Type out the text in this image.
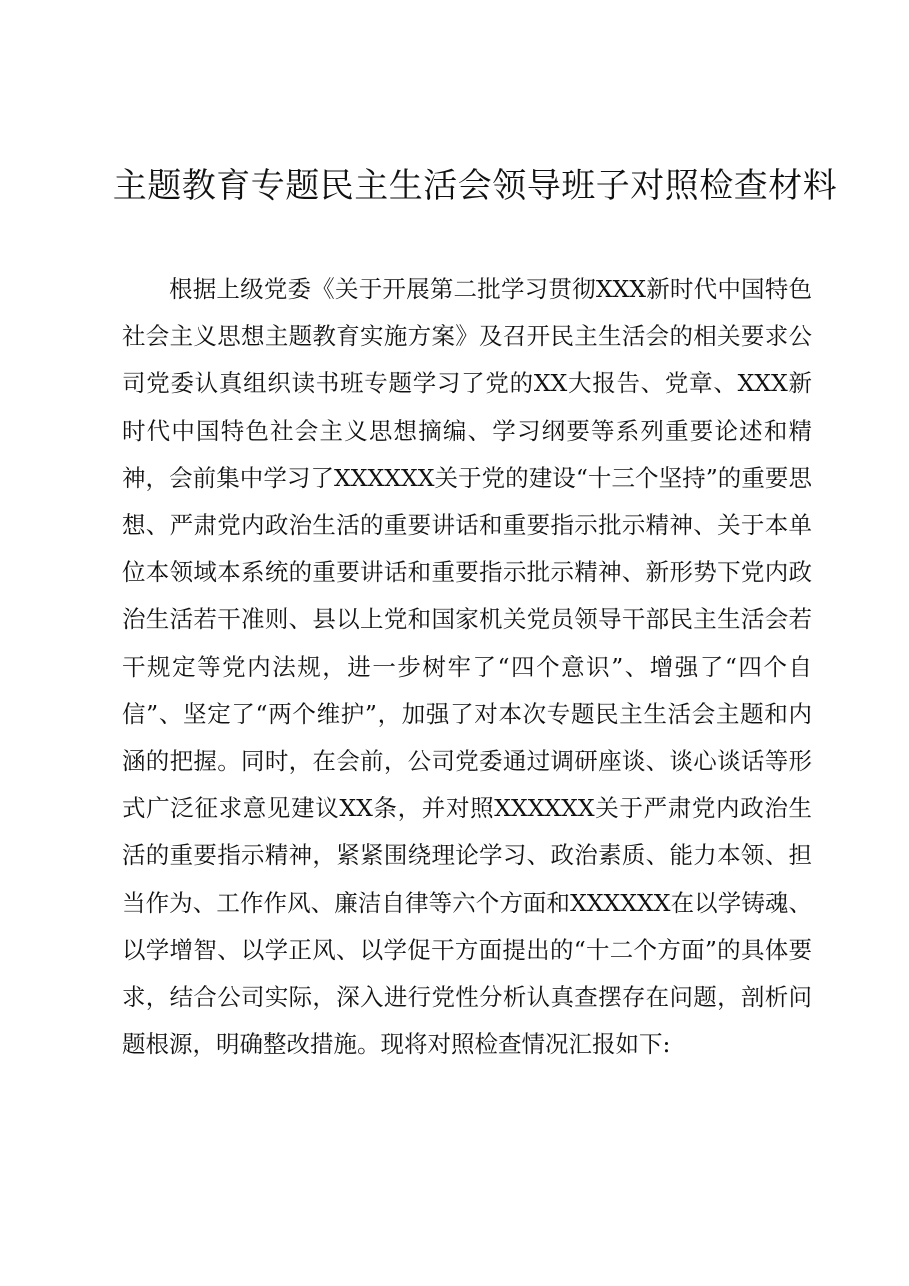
主题教育专题民主生活会领导班子对照检查材料

根据上级党委《关于开展第二批学习贯彻XXX新时代中国特色社会主义思想主题教育实施方案》及召开民主生活会的相关要求公司党委认真组织读书班专题学习了党的XX大报告、党章、XXX新时代中国特色社会主义思想摘编、学习纲要等系列重要论述和精神，会前集中学习了XXXXXX关于党的建设“十三个坚持”的重要思想、严肃党内政治生活的重要讲话和重要指示批示精神、关于本单位本领域本系统的重要讲话和重要指示批示精神、新形势下党内政治生活若干准则、县以上党和国家机关党员领导干部民主生活会若干规定等党内法规，进一步树牢了“四个意识”、增强了“四个自信”、坚定了“两个维护”，加强了对本次专题民主生活会主题和内涵的把握。同时，在会前，公司党委通过调研座谈、谈心谈话等形式广泛征求意见建议XX条，并对照XXXXXX关于严肃党内政治生活的重要指示精神，紧紧围绕理论学习、政治素质、能力本领、担当作为、工作作风、廉洁自律等六个方面和XXXXXX在以学铸魂、以学增智、以学正风、以学促干方面提出的“十二个方面”的具体要求，结合公司实际，深入进行党性分析认真查摆存在问题，剖析问题根源，明确整改措施。现将对照检查情况汇报如下:
